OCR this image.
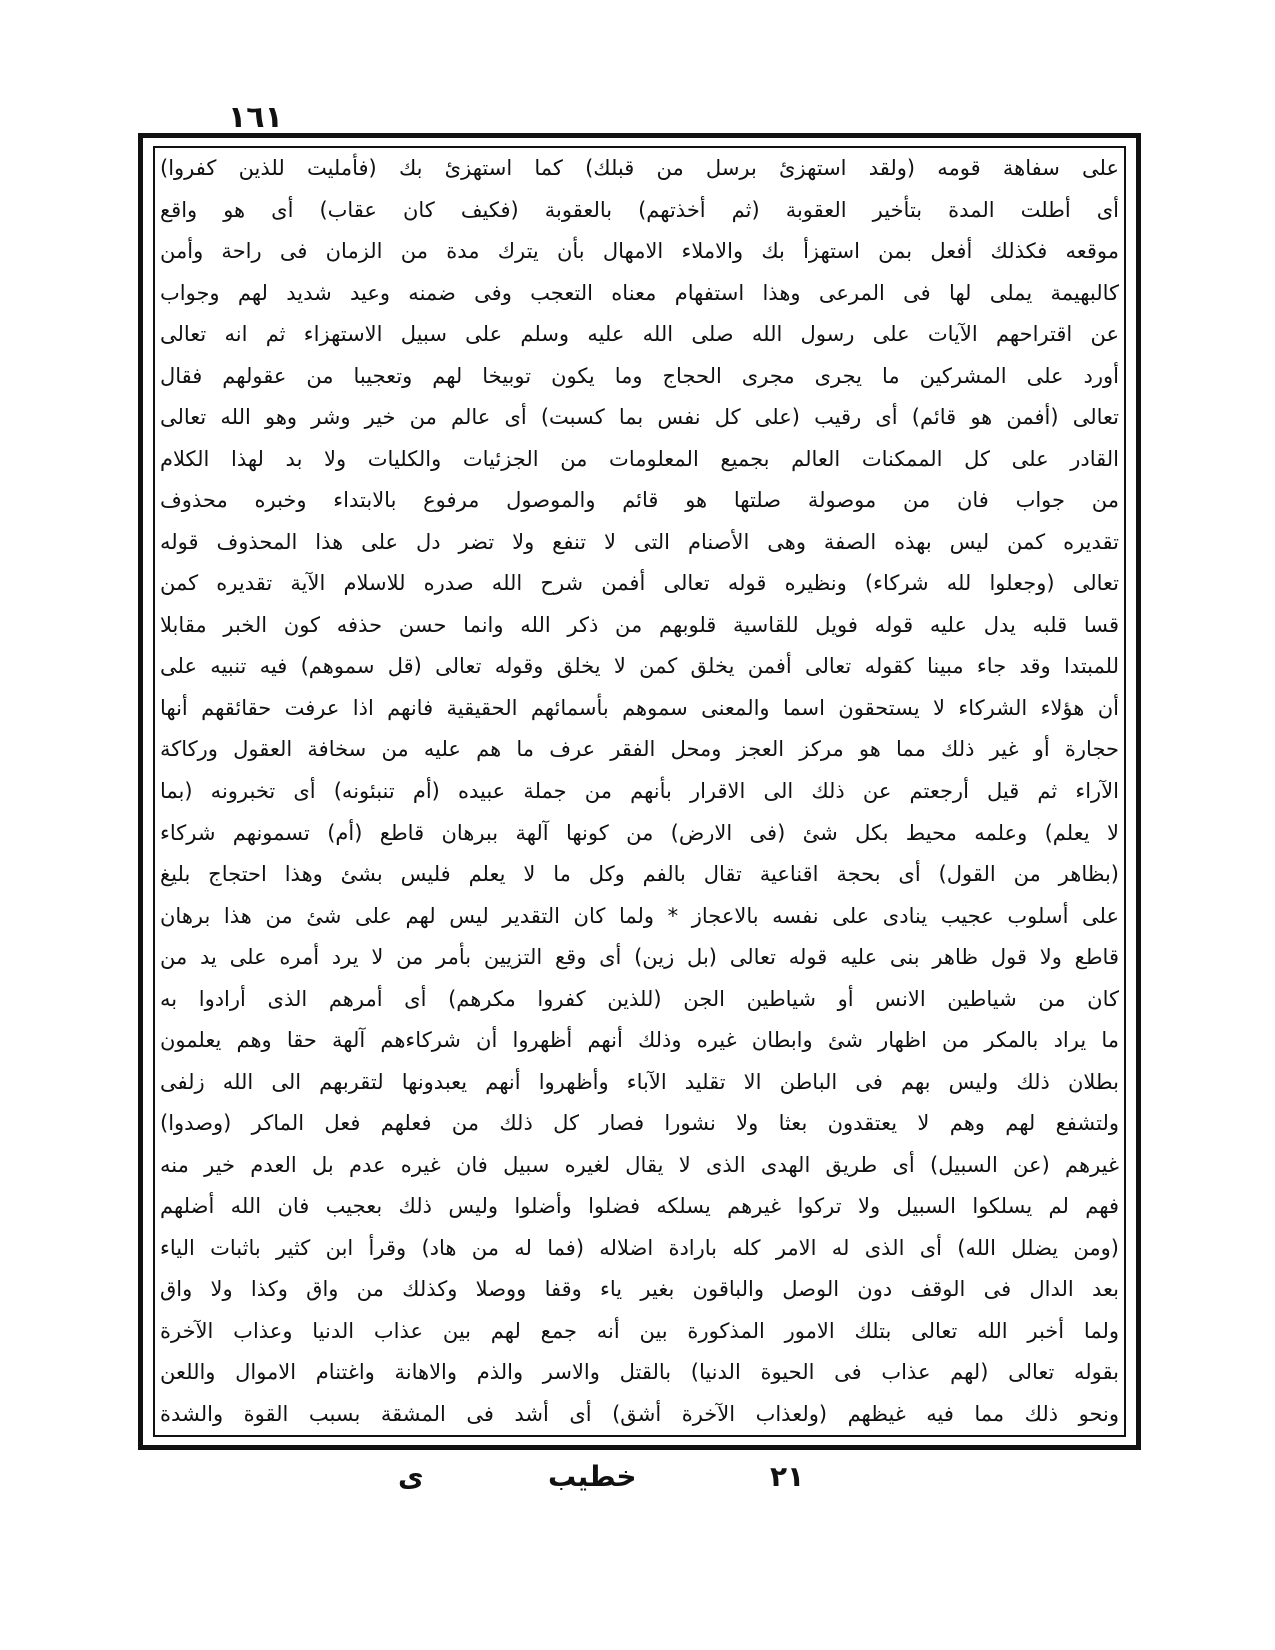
١٦١
على سفاهة قومه (ولقد استهزئ برسل من قبلك) كما استهزئ بك (فأمليت للذين كفروا)
أى أطلت المدة بتأخير العقوبة (ثم أخذتهم) بالعقوبة (فكيف كان عقاب) أى هو واقع
موقعه فكذلك أفعل بمن استهزأ بك والاملاء الامهال بأن يترك مدة من الزمان فى راحة وأمن
كالبهيمة يملى لها فى المرعى وهذا استفهام معناه التعجب وفى ضمنه وعيد شديد لهم وجواب
عن اقتراحهم الآيات على رسول الله صلى الله عليه وسلم على سبيل الاستهزاء ثم انه تعالى
أورد على المشركين ما يجرى مجرى الحجاج وما يكون توبيخا لهم وتعجيبا من عقولهم فقال
تعالى (أفمن هو قائم) أى رقيب (على كل نفس بما كسبت) أى عالم من خير وشر وهو الله تعالى
القادر على كل الممكنات العالم بجميع المعلومات من الجزئيات والكليات ولا بد لهذا الكلام
من جواب فان من موصولة صلتها هو قائم والموصول مرفوع بالابتداء وخبره محذوف
تقديره كمن ليس بهذه الصفة وهى الأصنام التى لا تنفع ولا تضر دل على هذا المحذوف قوله
تعالى (وجعلوا لله شركاء) ونظيره قوله تعالى أفمن شرح الله صدره للاسلام الآية تقديره كمن
قسا قلبه يدل عليه قوله فويل للقاسية قلوبهم من ذكر الله وانما حسن حذفه كون الخبر مقابلا
للمبتدا وقد جاء مبينا كقوله تعالى أفمن يخلق كمن لا يخلق وقوله تعالى (قل سموهم) فيه تنبيه على
أن هؤلاء الشركاء لا يستحقون اسما والمعنى سموهم بأسمائهم الحقيقية فانهم اذا عرفت حقائقهم أنها
حجارة أو غير ذلك مما هو مركز العجز ومحل الفقر عرف ما هم عليه من سخافة العقول وركاكة
الآراء ثم قيل أرجعتم عن ذلك الى الاقرار بأنهم من جملة عبيده (أم تنبئونه) أى تخبرونه (بما
لا يعلم) وعلمه محيط بكل شئ (فى الارض) من كونها آلهة ببرهان قاطع (أم) تسمونهم شركاء
(بظاهر من القول) أى بحجة اقناعية تقال بالفم وكل ما لا يعلم فليس بشئ وهذا احتجاج بليغ
على أسلوب عجيب ينادى على نفسه بالاعجاز * ولما كان التقدير ليس لهم على شئ من هذا برهان
قاطع ولا قول ظاهر بنى عليه قوله تعالى (بل زين) أى وقع التزيين بأمر من لا يرد أمره على يد من
كان من شياطين الانس أو شياطين الجن (للذين كفروا مكرهم) أى أمرهم الذى أرادوا به
ما يراد بالمكر من اظهار شئ وابطان غيره وذلك أنهم أظهروا أن شركاءهم آلهة حقا وهم يعلمون
بطلان ذلك وليس بهم فى الباطن الا تقليد الآباء وأظهروا أنهم يعبدونها لتقربهم الى الله زلفى
ولتشفع لهم وهم لا يعتقدون بعثا ولا نشورا فصار كل ذلك من فعلهم فعل الماكر (وصدوا)
غيرهم (عن السبيل) أى طريق الهدى الذى لا يقال لغيره سبيل فان غيره عدم بل العدم خير منه
فهم لم يسلكوا السبيل ولا تركوا غيرهم يسلكه فضلوا وأضلوا وليس ذلك بعجيب فان الله أضلهم
(ومن يضلل الله) أى الذى له الامر كله بارادة اضلاله (فما له من هاد) وقرأ ابن كثير باثبات الياء
بعد الدال فى الوقف دون الوصل والباقون بغير ياء وقفا ووصلا وكذلك من واق وكذا ولا واق
ولما أخبر الله تعالى بتلك الامور المذكورة بين أنه جمع لهم بين عذاب الدنيا وعذاب الآخرة
بقوله تعالى (لهم عذاب فى الحيوة الدنيا) بالقتل والاسر والذم والاهانة واغتنام الاموال واللعن
ونحو ذلك مما فيه غيظهم (ولعذاب الآخرة أشق) أى أشد فى المشقة بسبب القوة والشدة
ى	خطيب	٢١
